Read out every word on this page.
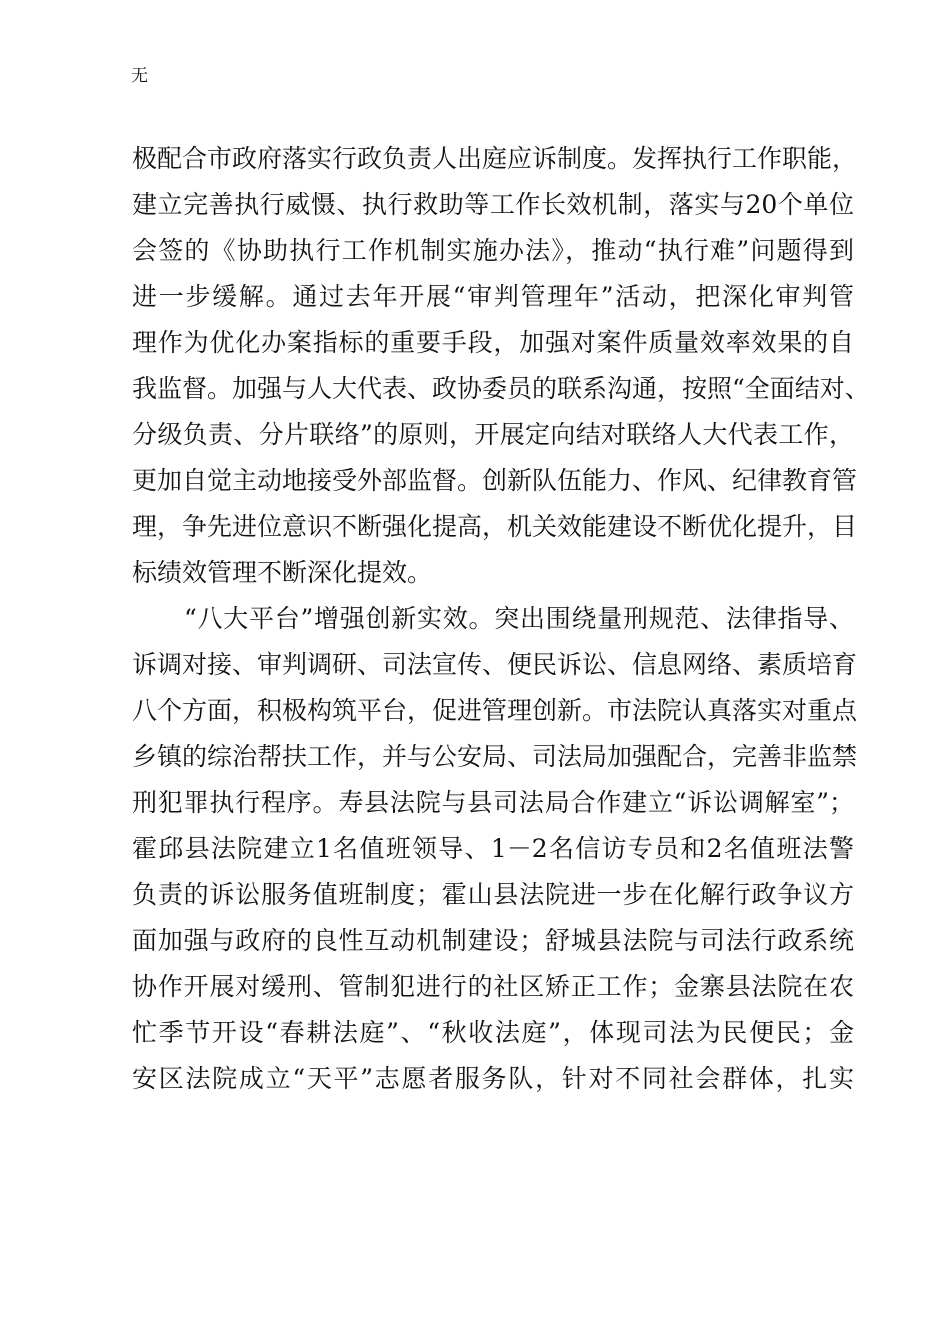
无
极配合市政府落实行政负责人出庭应诉制度。发挥执行工作职能，
建立完善执行威慑、执行救助等工作长效机制，落实与20个单位
会签的《协助执行工作机制实施办法》，推动“执行难”问题得到
进一步缓解。通过去年开展“审判管理年”活动，把深化审判管
理作为优化办案指标的重要手段，加强对案件质量效率效果的自
我监督。加强与人大代表、政协委员的联系沟通，按照“全面结对、
分级负责、分片联络”的原则，开展定向结对联络人大代表工作，
更加自觉主动地接受外部监督。创新队伍能力、作风、纪律教育管
理，争先进位意识不断强化提高，机关效能建设不断优化提升，目
标绩效管理不断深化提效。
“八大平台”增强创新实效。突出围绕量刑规范、法律指导、
诉调对接、审判调研、司法宣传、便民诉讼、信息网络、素质培育
八个方面，积极构筑平台，促进管理创新。市法院认真落实对重点
乡镇的综治帮扶工作，并与公安局、司法局加强配合，完善非监禁
刑犯罪执行程序。寿县法院与县司法局合作建立“诉讼调解室”；
霍邱县法院建立1名值班领导、1－2名信访专员和2名值班法警
负责的诉讼服务值班制度；霍山县法院进一步在化解行政争议方
面加强与政府的良性互动机制建设；舒城县法院与司法行政系统
协作开展对缓刑、管制犯进行的社区矫正工作；金寨县法院在农
忙季节开设“春耕法庭”、“秋收法庭”，体现司法为民便民；金
安区法院成立“天平”志愿者服务队，针对不同社会群体，扎实
